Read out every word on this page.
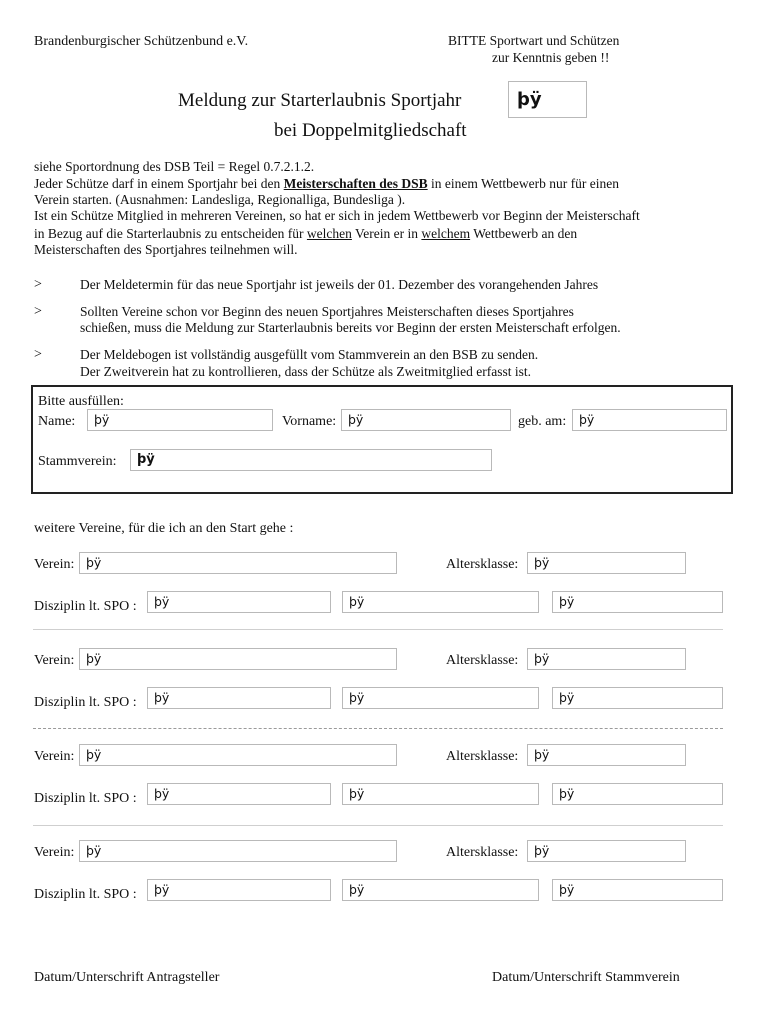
Brandenburgischer Schützenbund e.V.	BITTE Sportwart und Schützen
zur Kenntnis geben !!
Meldung zur Starterlaubnis Sportjahr	þÿ
bei Doppelmitgliedschaft
siehe Sportordnung des DSB Teil = Regel 0.7.2.1.2.
Jeder Schütze darf in einem Sportjahr bei den Meisterschaften des DSB in einem Wettbewerb nur für einen
Verein starten. (Ausnahmen: Landesliga, Regionalliga, Bundesliga ).
Ist ein Schütze Mitglied in mehreren Vereinen, so hat er sich in jedem Wettbewerb vor Beginn der Meisterschaft
in Bezug auf die Starterlaubnis zu entscheiden für welchen Verein er in welchem Wettbewerb an den
Meisterschaften des Sportjahres teilnehmen will.
>	Der Meldetermin für das neue Sportjahr ist jeweils der 01. Dezember des vorangehenden Jahres
>	Sollten Vereine schon vor Beginn des neuen Sportjahres Meisterschaften dieses Sportjahres
schießen, muss die Meldung zur Starterlaubnis bereits vor Beginn der ersten Meisterschaft erfolgen.
>	Der Meldebogen ist vollständig ausgefüllt vom Stammverein an den BSB zu senden.
Der Zweitverein hat zu kontrollieren, dass der Schütze als Zweitmitglied erfasst ist.
Bitte ausfüllen:
Name:	þÿ	Vorname: þÿ	geb. am:	þÿ
Stammverein:	þÿ
weitere Vereine, für die ich an den Start gehe :
Verein: þÿ	Altersklasse:	þÿ
Disziplin lt. SPO :	þÿ	þÿ	þÿ
Verein: þÿ	Altersklasse:	þÿ
Disziplin lt. SPO :	þÿ	þÿ	þÿ
Verein: þÿ	Altersklasse:	þÿ
Disziplin lt. SPO :	þÿ	þÿ	þÿ
Verein: þÿ	Altersklasse:	þÿ
Disziplin lt. SPO :	þÿ	þÿ	þÿ
Datum/Unterschrift Antragsteller	Datum/Unterschrift Stammverein
